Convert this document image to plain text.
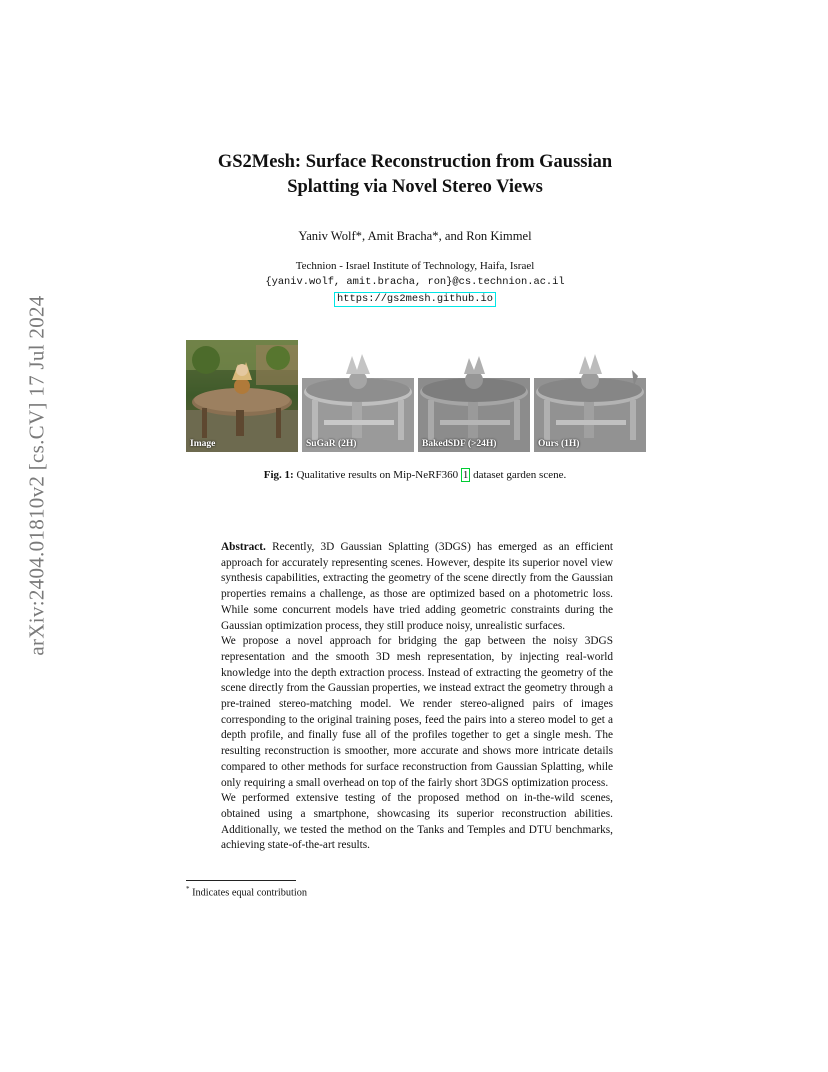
arXiv:2404.01810v2 [cs.CV] 17 Jul 2024
GS2Mesh: Surface Reconstruction from Gaussian
Splatting via Novel Stereo Views
Yaniv Wolf*, Amit Bracha*, and Ron Kimmel
Technion - Israel Institute of Technology, Haifa, Israel
{yaniv.wolf, amit.bracha, ron}@cs.technion.ac.il
https://gs2mesh.github.io
Image	SuGaR (2H)	BakedSDF (>24H)	Ours (1H)
Fig. 1: Qualitative results on Mip-NeRF360 1 dataset garden scene.

Abstract. Recently, 3D Gaussian Splatting (3DGS) has emerged as an efficient approach for accurately representing scenes. However, despite its superior novel view synthesis capabilities, extracting the geometry of the scene directly from the Gaussian properties remains a challenge, as those are optimized based on a photometric loss. While some concurrent models have tried adding geometric constraints during the Gaussian optimization process, they still produce noisy, unrealistic surfaces.

We propose a novel approach for bridging the gap between the noisy 3DGS representation and the smooth 3D mesh representation, by injecting real-world knowledge into the depth extraction process. Instead of extracting the geometry of the scene directly from the Gaussian properties, we instead extract the geometry through a pre-trained stereo-matching model. We render stereo-aligned pairs of images corresponding to the original training poses, feed the pairs into a stereo model to get a depth profile, and finally fuse all of the profiles together to get a single mesh. The resulting reconstruction is smoother, more accurate and shows more intricate details compared to other methods for surface reconstruction from Gaussian Splatting, while only requiring a small overhead on top of the fairly short 3DGS optimization process.

We performed extensive testing of the proposed method on in-the-wild scenes, obtained using a smartphone, showcasing its superior reconstruction abilities. Additionally, we tested the method on the Tanks and Temples and DTU benchmarks, achieving state-of-the-art results.

* Indicates equal contribution
